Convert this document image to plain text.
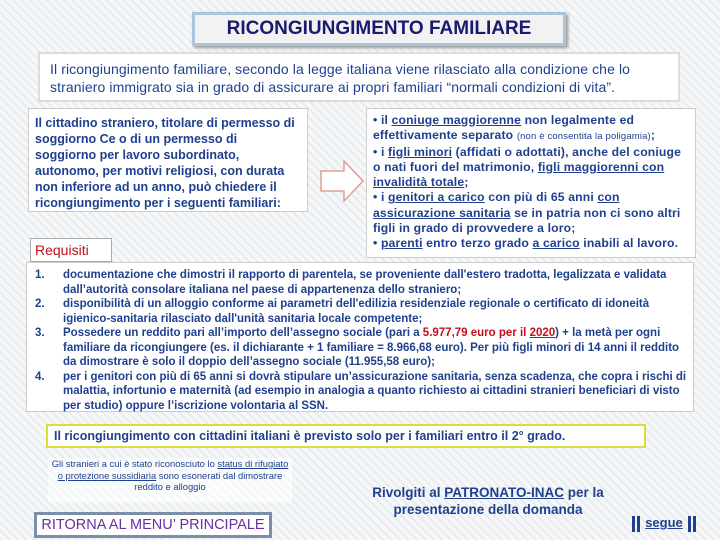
RICONGIUNGIMENTO FAMILIARE
Il ricongiungimento familiare, secondo la legge italiana viene rilasciato alla condizione che lo straniero immigrato sia in grado di assicurare ai propri familiari “normali condizioni di vita”.
Il cittadino straniero, titolare di permesso di soggiorno Ce o di un permesso di soggiorno per lavoro subordinato, autonomo, per motivi religiosi, con durata non inferiore ad un anno, può chiedere il ricongiungimento per i seguenti familiari:
• il coniuge maggiorenne non legalmente ed effettivamente separato (non è consentita la poligamia);
• i figli minori (affidati o adottati), anche del coniuge o nati fuori del matrimonio, figli maggiorenni con invalidità totale;
• i genitori a carico con più di 65 anni con assicurazione sanitaria se in patria non ci sono altri figli in grado di provvedere a loro;
• parenti entro terzo grado a carico inabili al lavoro.
Requisiti
1. documentazione che dimostri il rapporto di parentela, se proveniente dall'estero tradotta, legalizzata e validata dall’autorità consolare italiana nel paese di appartenenza dello straniero;
2. disponibilità di un alloggio conforme ai parametri dell'edilizia residenziale regionale o certificato di idoneità igienico-sanitaria rilasciato dall'unità sanitaria locale competente;
3. Possedere un reddito pari all’importo dell’assegno sociale (pari a 5.977,79 euro per il 2020) + la metà per ogni familiare da ricongiungere (es. il dichiarante + 1 familiare = 8.966,68 euro). Per più figli minori di 14 anni il reddito da dimostrare è solo il doppio dell’assegno sociale (11.955,58 euro);
4. per i genitori con più di 65 anni si dovrà stipulare un’assicurazione sanitaria, senza scadenza, che copra i rischi di malattia, infortunio e maternità (ad esempio in analogia a quanto richiesto ai cittadini stranieri beneficiari di visto per studio) oppure l’iscrizione volontaria al SSN.
Il ricongiungimento con cittadini italiani è previsto solo per i familiari entro il 2° grado.
Gli stranieri a cui è stato riconosciuto lo status di rifugiato o protezione sussidiaria sono esonerati dal dimostrare reddito e alloggio
RITORNA AL MENU’ PRINCIPALE
Rivolgiti al PATRONATO-INAC per la presentazione della domanda
segue
